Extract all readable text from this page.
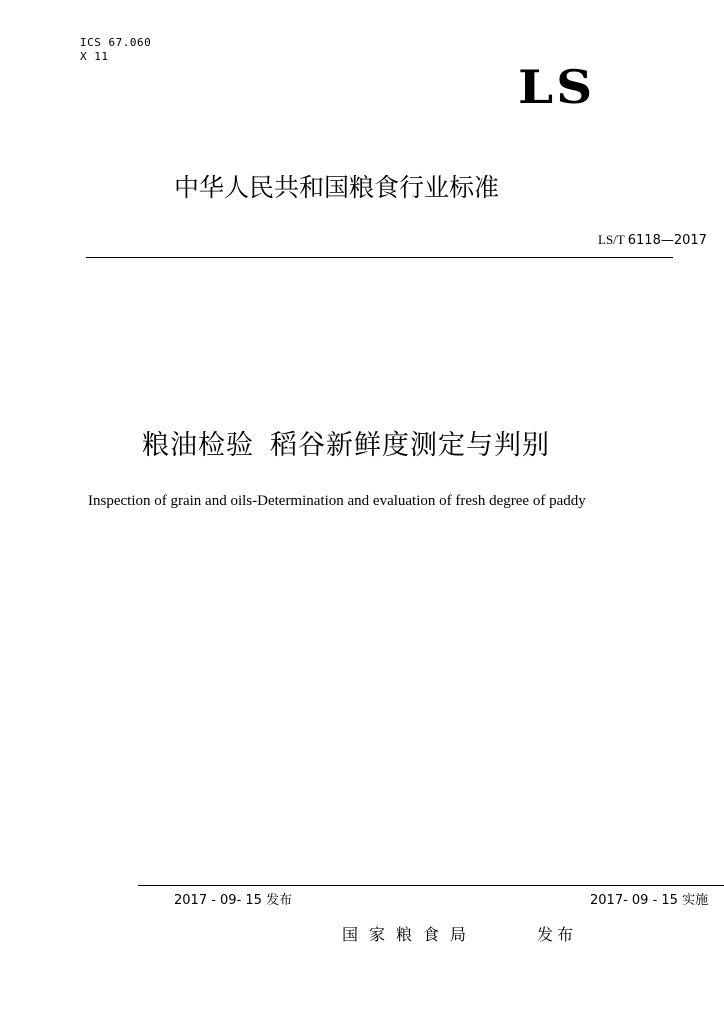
ICS 67.060
X 11
LS
中华人民共和国粮食行业标准
LS/T 6118—2017
粮油检验 稻谷新鲜度测定与判别
Inspection of grain and oils-Determination and evaluation of fresh degree of paddy
2017 - 09- 15 发布	2017- 09 - 15 实施
国家粮食局	发布
